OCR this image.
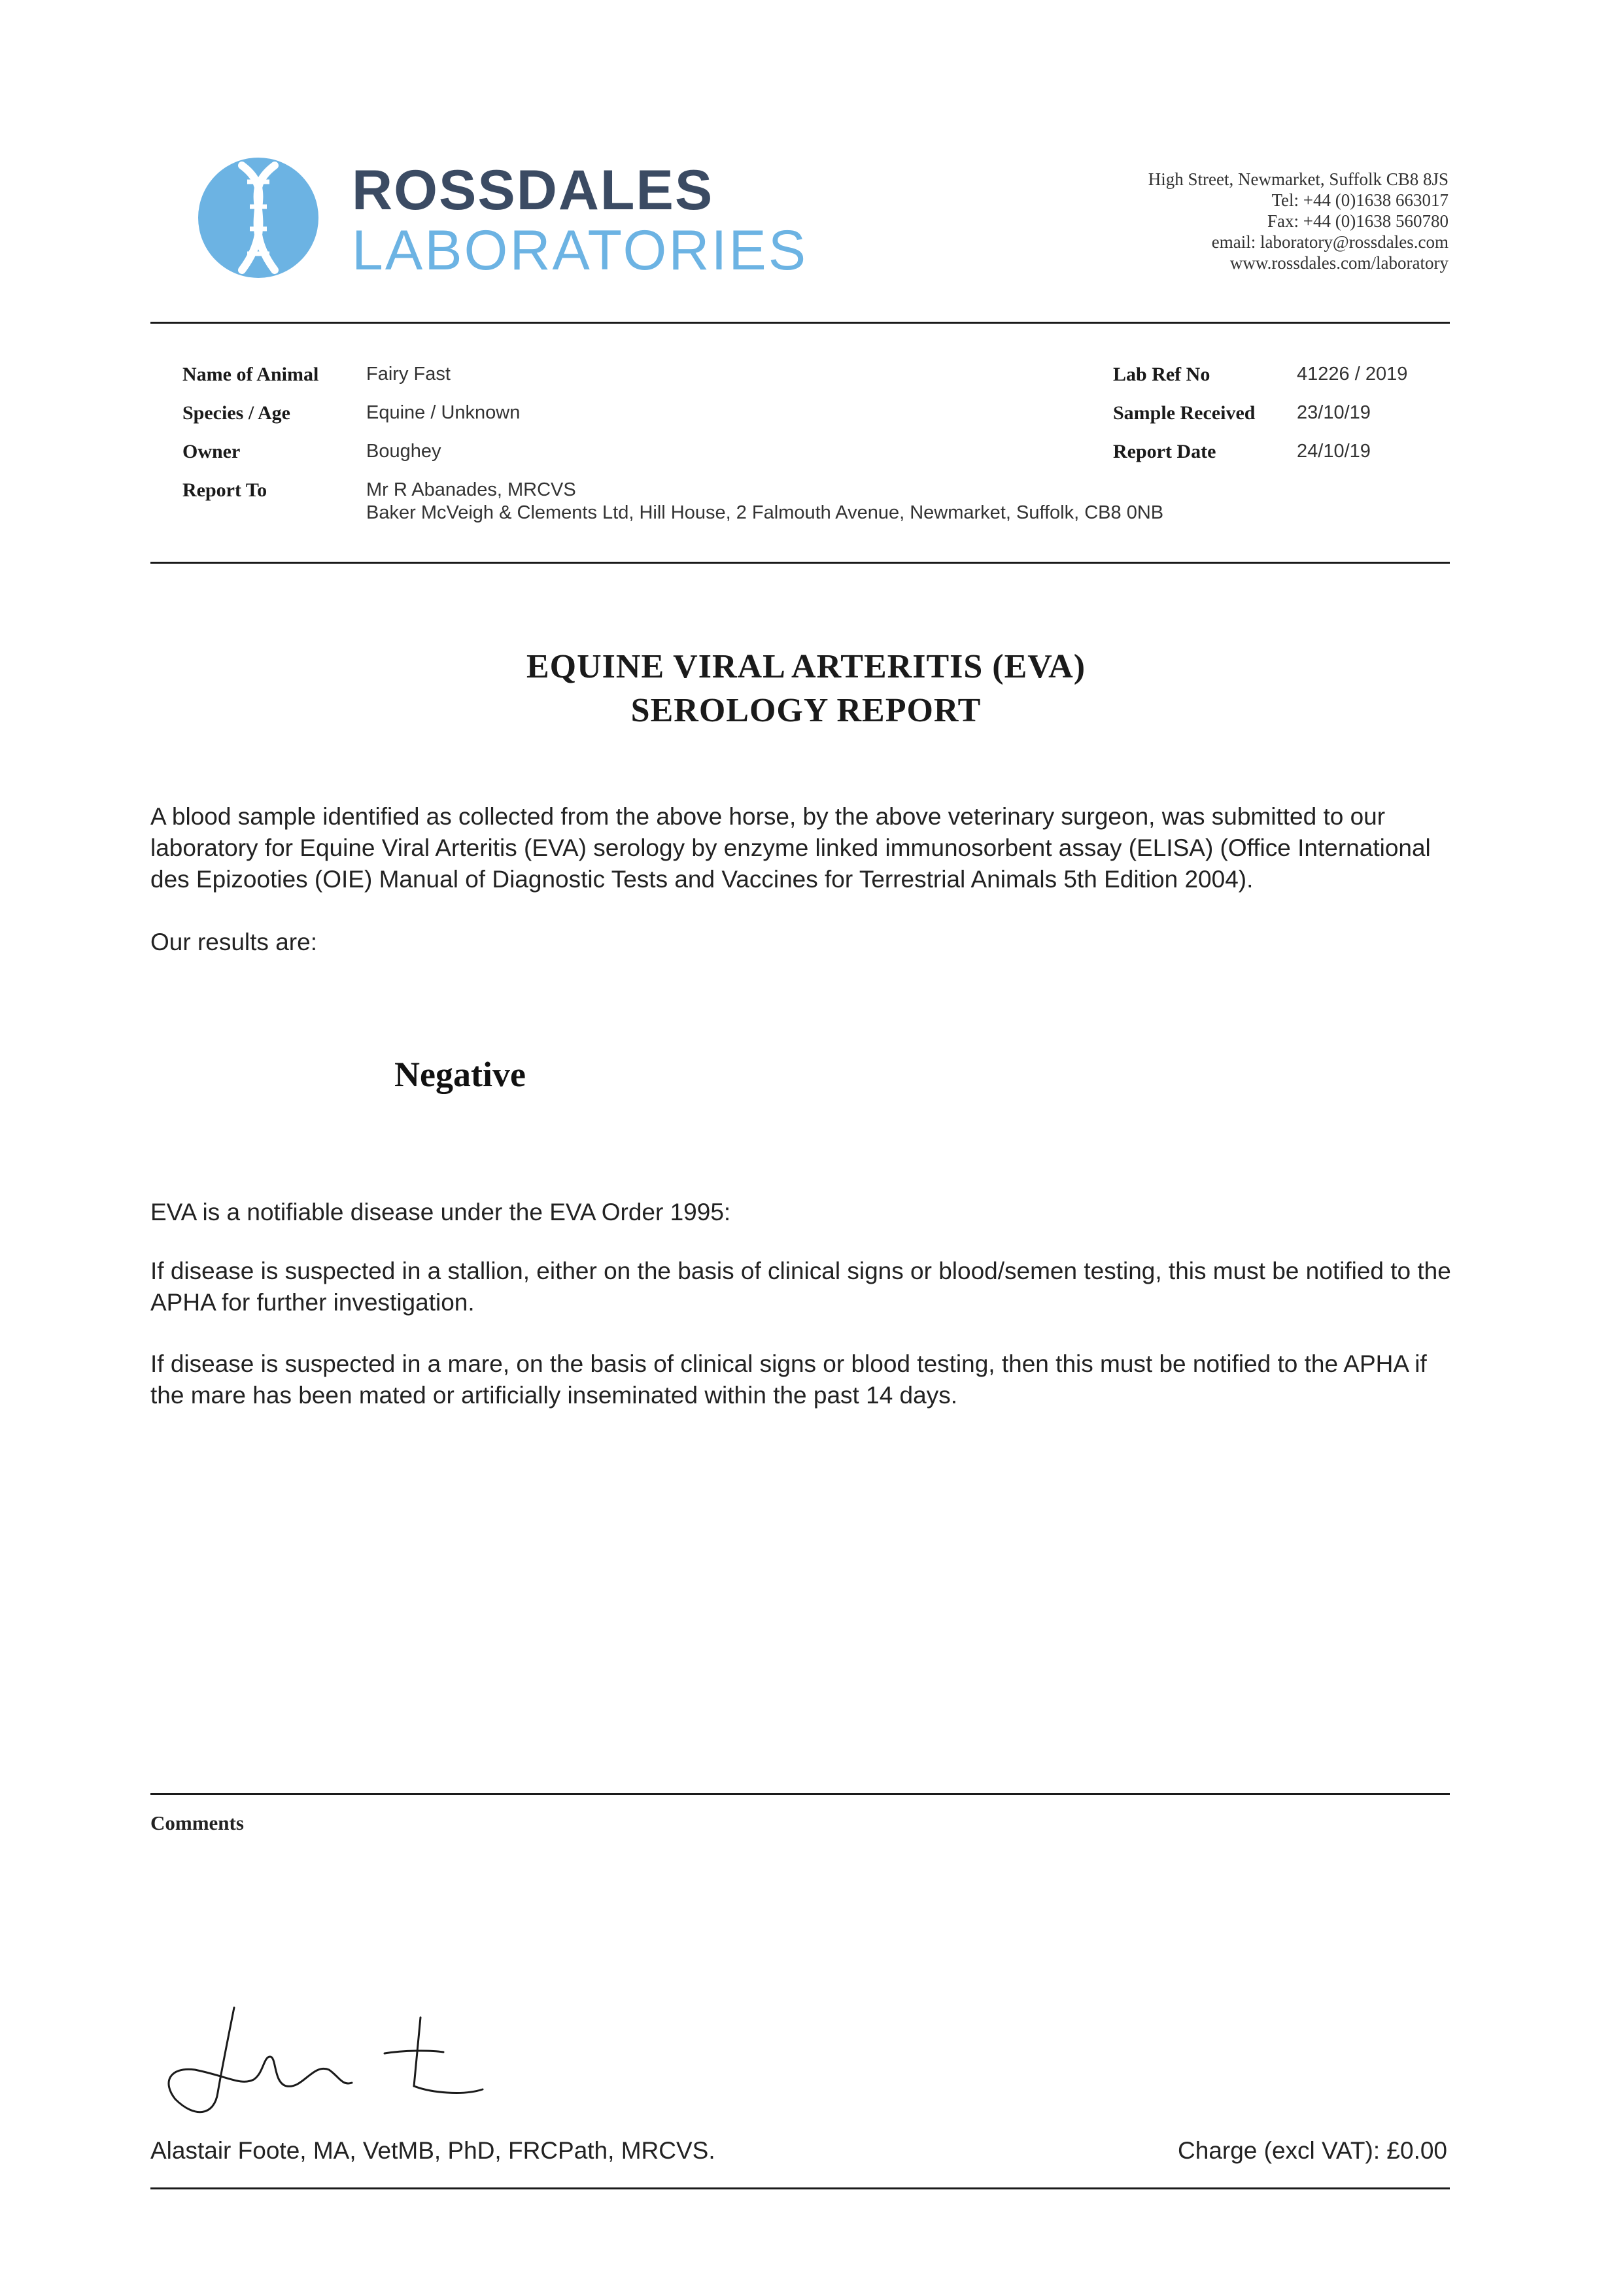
ROSSDALES
LABORATORIES
High Street, Newmarket, Suffolk CB8 8JS
Tel: +44 (0)1638 663017
Fax: +44 (0)1638 560780
email: laboratory@rossdales.com
www.rossdales.com/laboratory
Name of Animal	Fairy Fast
Species / Age	Equine / Unknown
Owner	Boughey
Report To	Mr R Abanades, MRCVS
Baker McVeigh & Clements Ltd, Hill House, 2 Falmouth Avenue, Newmarket, Suffolk, CB8 0NB
Lab Ref No	41226 / 2019
Sample Received 23/10/19
Report Date	24/10/19
EQUINE VIRAL ARTERITIS (EVA)
SEROLOGY REPORT
A blood sample identified as collected from the above horse, by the above veterinary surgeon, was submitted to our laboratory for Equine Viral Arteritis (EVA) serology by enzyme linked immunosorbent assay (ELISA) (Office International des Epizooties (OIE) Manual of Diagnostic Tests and Vaccines for Terrestrial Animals 5th Edition 2004).
Our results are:
Negative
EVA is a notifiable disease under the EVA Order 1995:
If disease is suspected in a stallion, either on the basis of clinical signs or blood/semen testing, this must be notified to the APHA for further investigation.
If disease is suspected in a mare, on the basis of clinical signs or blood testing, then this must be notified to the APHA if the mare has been mated or artificially inseminated within the past 14 days.
Comments
Alastair Foote, MA, VetMB, PhD, FRCPath, MRCVS.	Charge (excl VAT): £0.00
